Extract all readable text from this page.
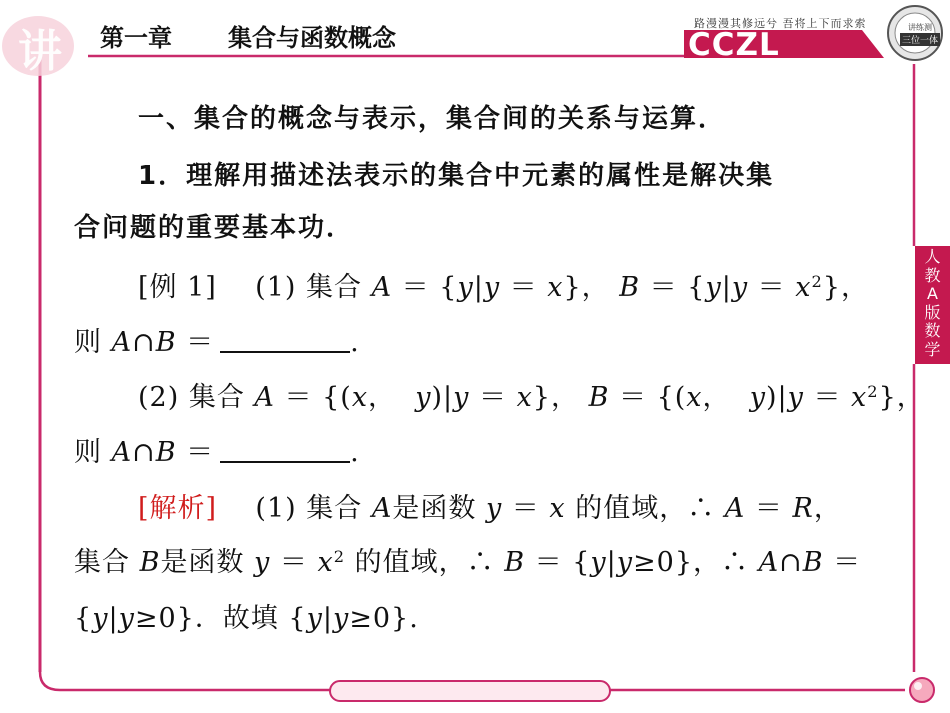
讲 第一章 集合与函数概念
路漫漫其修远兮 吾将上下而求索
CCZL	讲练测
三位一体
人
教
A
版
数
学
一、集合的概念与表示，集合间的关系与运算．
1．理解用描述法表示的集合中元素的属性是解决集
合问题的重要基本功．
[例 1] (1) 集合 A ＝ {y|y ＝ x}， $B = \{y|y = x^2\}$，
则 A∩B ＝	.
(2) 集合 A ＝ {(x，  y)|y ＝ x}， B ＝ {(x，  $y)|y = x^2$}，
则 A∩B ＝	.
[解析] (1) 集合 A是函数 y ＝ x 的值域，∴ A ＝ R，
集合 B是函数 $y = x^2$ 的值域，∴ B ＝ {y|y≥0}，∴ A∩B ＝
{y|y≥0}．故填 {y|y≥0}.
